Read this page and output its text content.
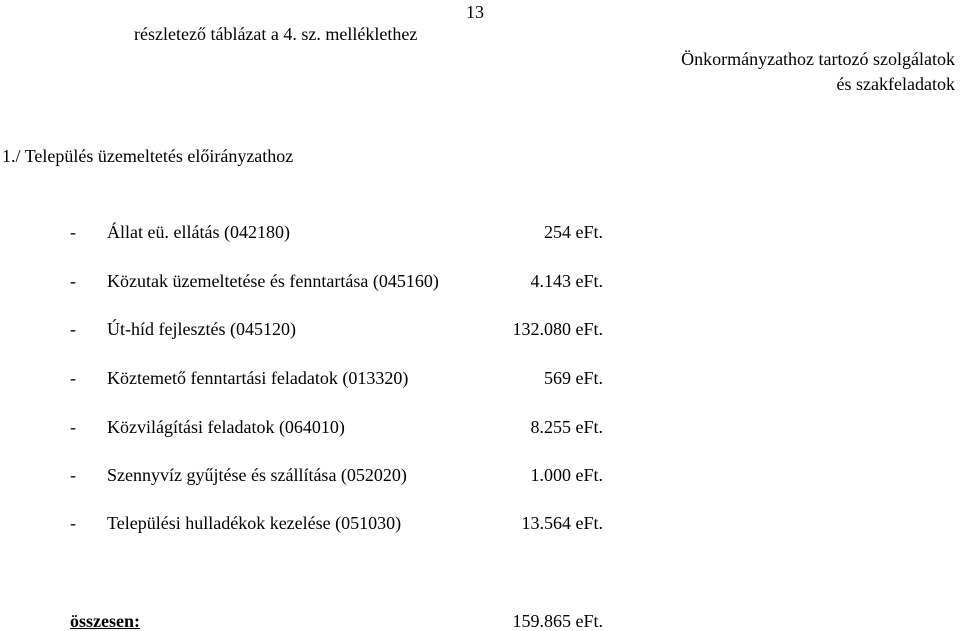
13
részletező táblázat a 4. sz. melléklethez
Önkormányzathoz tartozó szolgálatok
és szakfeladatok
1./ Település üzemeltetés előirányzathoz
- Állat eü. ellátás (042180)	254 eFt.
- Közutak üzemeltetése és fenntartása (045160)	4.143 eFt.
- Út-híd fejlesztés (045120)	132.080 eFt.
- Köztemető fenntartási feladatok (013320)	569 eFt.
- Közvilágítási feladatok (064010)	8.255 eFt.
- Szennyvíz gyűjtése és szállítása (052020)	1.000 eFt.
- Települési hulladékok kezelése (051030)	13.564 eFt.
összesen:	159.865 eFt.
